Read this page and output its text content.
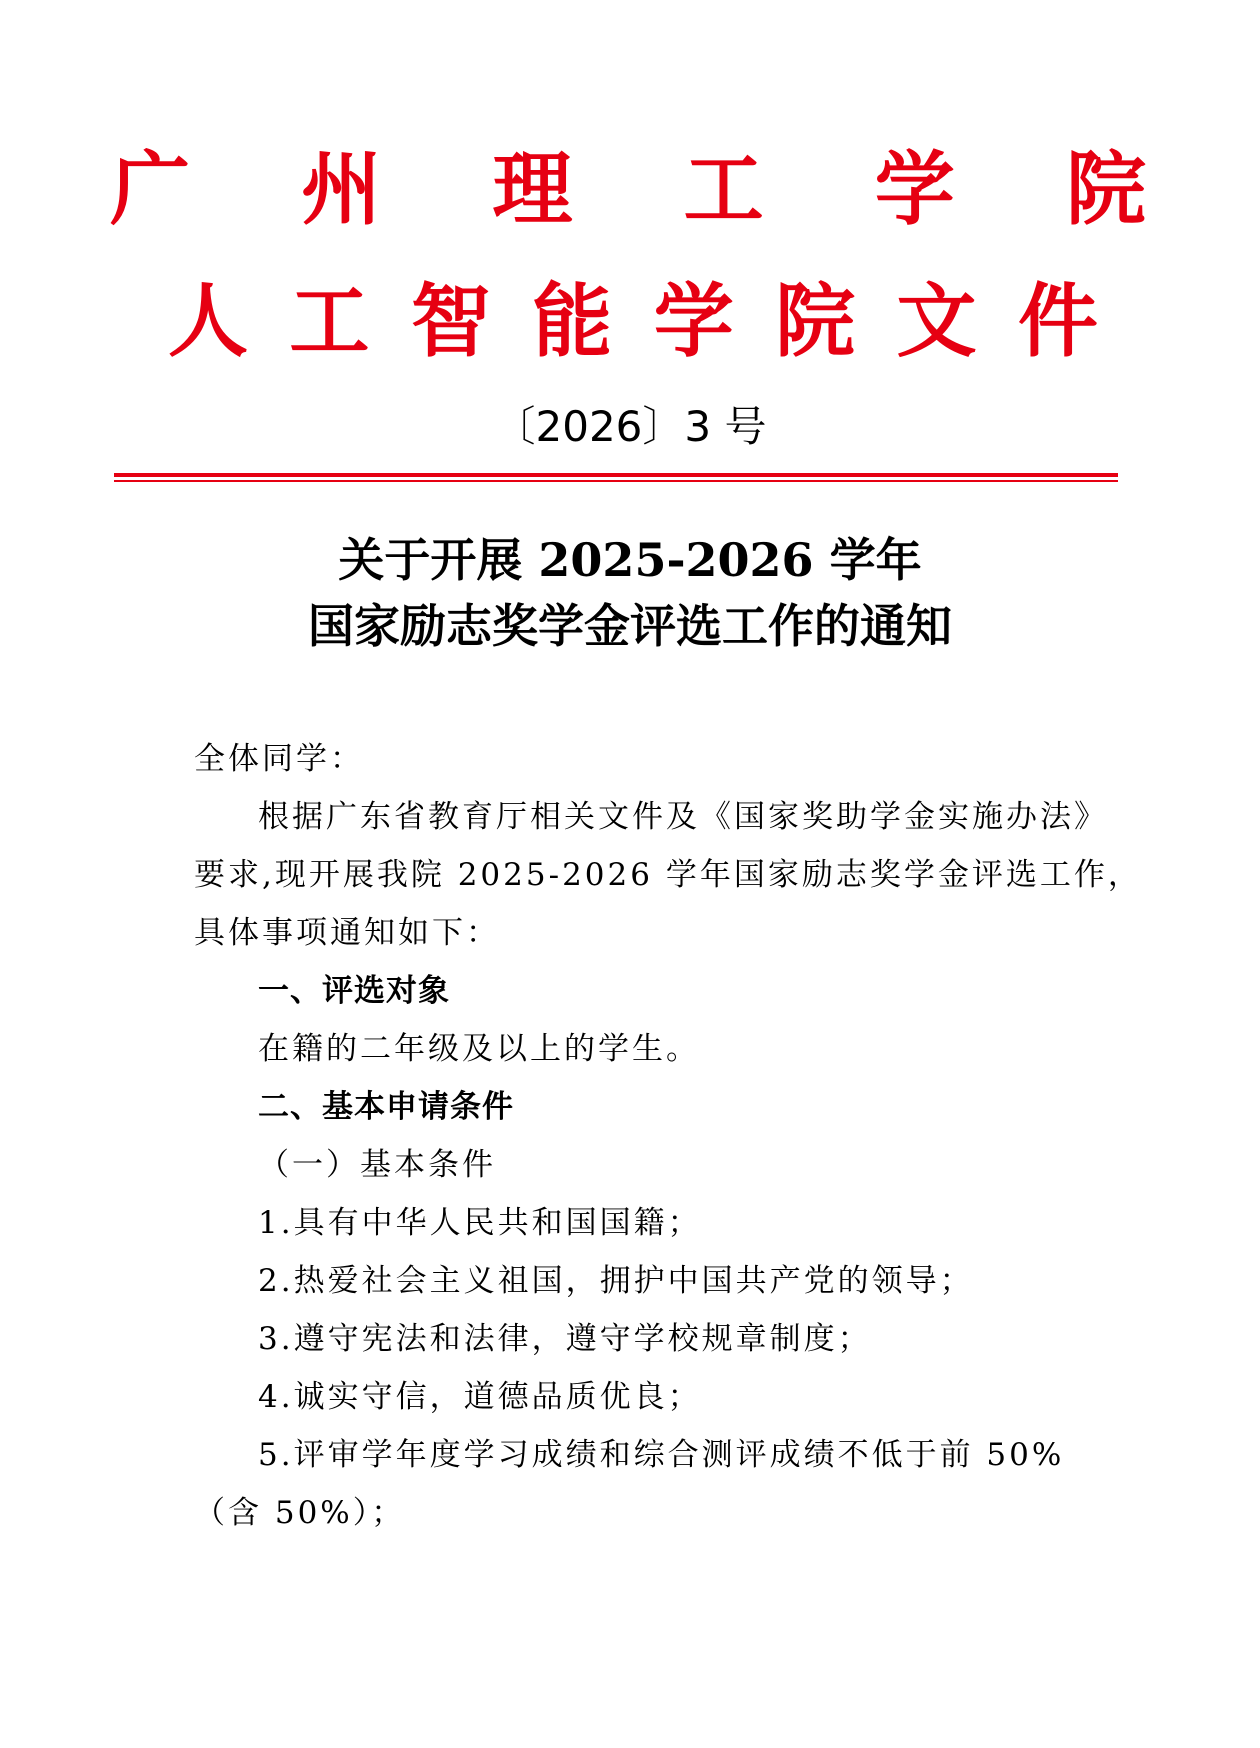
广 州 理 工 学 院
人 工 智 能 学 院 文 件
〔2026〕3 号
关于开展 2025-2026 学年
国家励志奖学金评选工作的通知
全体同学：
根据广东省教育厅相关文件及《国家奖助学金实施办法》
要求,现开展我院 2025-2026 学年国家励志奖学金评选工作，
具体事项通知如下：
一、评选对象
在籍的二年级及以上的学生。
二、基本申请条件
（一）基本条件
1.具有中华人民共和国国籍；
2.热爱社会主义祖国，拥护中国共产党的领导；
3.遵守宪法和法律，遵守学校规章制度；
4.诚实守信，道德品质优良；
5.评审学年度学习成绩和综合测评成绩不低于前 50%
（含 50%）；
